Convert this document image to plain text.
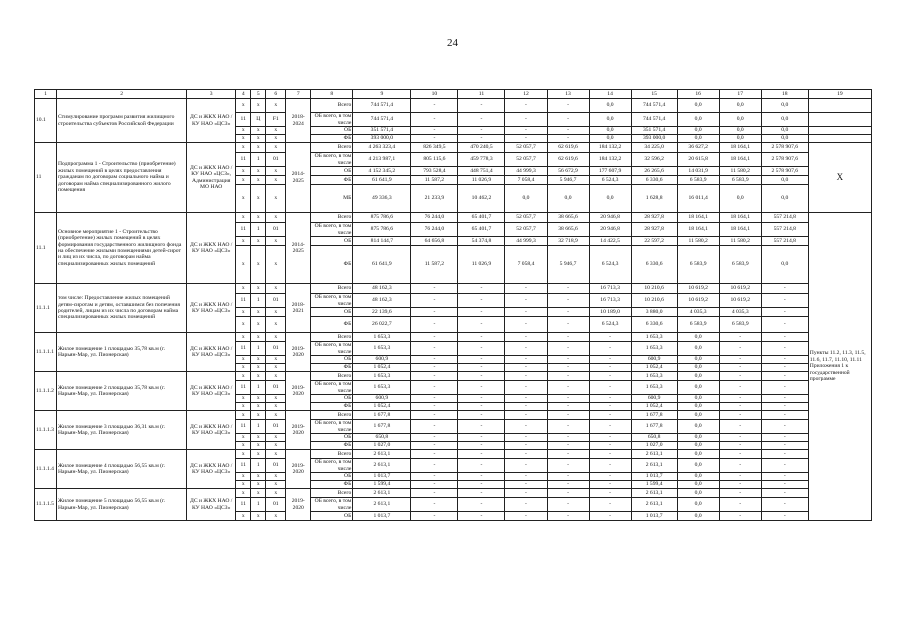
24
1	2	3	4	5	6	7	8	9	10	11	12	13	14	15	16	17	18	19
10.1	Стимулирование программ развития жилищного строительства субъектов Российской Федерации	ДС и ЖКХ НАО / КУ НАО «ЦСЗ»	x	x	x	2018-2024	Всего	744 571,4	-	-	-	-	0,0	744 571,4	0,0	0,0	0,0	
			11	Ц	F1		ОБ всего, в том числе	744 571,4	-	-	-	-	0,0	744 571,4	0,0	0,0	0,0	
			x	x	x		ОБ	351 571,4	-	-	-	-	0,0	351 571,4	0,0	0,0	0,0	
			x	x	x		ФБ	393 000,0	-	-	-	-	0,0	393 000,0	0,0	0,0	0,0	
11	Подпрограмма 1 - Строительство (приобретение) жилых помещений в целях предоставления гражданам по договорам социального найма и договорам найма специализированного жилого помещения	ДС и ЖКХ НАО / КУ НАО «ЦСЗ», Администрация МО НАО	x	x	x	2014-2025	Всего	4 263 323,4	826 349,5	470 240,5	52 057,7	62 619,6	184 132,2	34 225,0	36 627,2	18 164,1	2 578 907,6	X
			11	1	01		ОБ всего, в том числе	4 213 987,1	805 115,6	459 778,3	52 057,7	62 619,6	184 132,2	32 596,2	20 615,8	18 164,1	2 578 907,6	
			x	x	x		ОБ	4 152 345,2	793 528,4	448 751,4	44 999,3	56 672,9	177 607,9	26 265,6	14 031,9	11 580,2	2 578 907,6	
			x	x	x		ФБ	61 641,9	11 587,2	11 026,9	7 058,4	5 946,7	6 524,3	6 330,6	6 583,9	6 583,9	0,0	
			x	x	x		МБ	49 336,3	21 233,9	10 462,2	0,0	0,0	0,0	1 628,8	16 011,4	0,0	0,0	
11.1	Основное мероприятие 1 - Строительство (приобретение) жилых помещений в целях формирования государственного жилищного фонда на обеспечение жилыми помещениями детей-сирот и лиц из их числа, по договорам найма специализированных жилых помещений	ДС и ЖКХ НАО / КУ НАО «ЦСЗ»	x	x	x	2014-2025	Всего	875 786,6	76 244,0	65 401,7	52 057,7	38 665,6	20 946,8	28 927,8	18 164,1	18 164,1	557 214,8	Пункты 11.2, 11.3, 11.5, 11.6, 11.7, 11.10, 11.11 Приложения 1 к государственной программе
			11	1	01		ОБ всего, в том числе	875 786,6	76 244,0	65 401,7	52 057,7	38 665,6	20 946,8	28 927,8	18 164,1	18 164,1	557 214,8	
			x	x	x		ОБ	814 144,7	64 656,8	54 374,8	44 999,3	32 718,9	14 422,5	22 597,2	11 580,2	11 580,2	557 214,8	
			x	x	x		ФБ	61 641,9	11 587,2	11 026,9	7 058,4	5 946,7	6 524,3	6 330,6	6 583,9	6 583,9	0,0	
11.1.1	том числе: Предоставление жилых помещений детям-сиротам и детям, оставшимся без попечения родителей, лицам из их числа по договорам найма специализированных жилых помещений	ДС и ЖКХ НАО / КУ НАО «ЦСЗ»	x	x	x	2018-2021	Всего	48 162,3	-	-	-	-	16 713,3	10 210,6	10 619,2	10 619,2	-	
			11	1	01		ОБ всего, в том числе	48 162,3	-	-	-	-	16 713,3	10 210,6	10 619,2	10 619,2	-	
			x	x	x		ОБ	22 139,6	-	-	-	-	10 189,0	3 880,0	4 035,3	4 035,3	-	
			x	x	x		ФБ	26 022,7	-	-	-	-	6 524,3	6 330,6	6 583,9	6 583,9	-	
11.1.1.1	Жилое помещение 1 площадью 35,78 кв.м (г. Нарьян-Мар, ул. Пионерская)	ДС и ЖКХ НАО / КУ НАО «ЦСЗ»	x	x	x	2019-2020	Всего	1 653,3	-	-	-	-	-	1 653,3	0,0	-	-	
			11	1	01		ОБ всего, в том числе	1 653,3	-	-	-	-	-	1 653,3	0,0	-	-	
			x	x	x		ОБ	600,9	-	-	-	-	-	600,9	0,0	-	-	
			x	x	x		ФБ	1 052,4	-	-	-	-	-	1 052,4	0,0	-	-	
11.1.1.2	Жилое помещение 2 площадью 35,78 кв.м (г. Нарьян-Мар, ул. Пионерская)	ДС и ЖКХ НАО / КУ НАО «ЦСЗ»	x	x	x	2019-2020	Всего	1 653,3	-	-	-	-	-	1 653,3	0,0	-	-	
			11	1	01		ОБ всего, в том числе	1 653,3	-	-	-	-	-	1 653,3	0,0	-	-	
			x	x	x		ОБ	600,9	-	-	-	-	-	600,9	0,0	-	-	
			x	x	x		ФБ	1 052,4	-	-	-	-	-	1 052,4	0,0	-	-	
11.1.1.3	Жилое помещение 3 площадью 36,31 кв.м (г. Нарьян-Мар, ул. Пионерская)	ДС и ЖКХ НАО / КУ НАО «ЦСЗ»	x	x	x	2019-2020	Всего	1 677,8	-	-	-	-	-	1 677,8	0,0	-	-	
			11	1	01		ОБ всего, в том числе	1 677,8	-	-	-	-	-	1 677,8	0,0	-	-	
			x	x	x		ОБ	650,8	-	-	-	-	-	650,8	0,0	-	-	
			x	x	x		ФБ	1 027,0	-	-	-	-	-	1 027,0	0,0	-	-	
11.1.1.4	Жилое помещение 4 площадью 56,55 кв.м (г. Нарьян-Мар, ул. Пионерская)	ДС и ЖКХ НАО / КУ НАО «ЦСЗ»	x	x	x	2019-2020	Всего	2 613,1	-	-	-	-	-	2 613,1	0,0	-	-	
			11	1	01		ОБ всего, в том числе	2 613,1	-	-	-	-	-	2 613,1	0,0	-	-	
			x	x	x		ОБ	1 013,7	-	-	-	-	-	1 013,7	0,0	-	-	
			x	x	x		ФБ	1 599,4	-	-	-	-	-	1 599,4	0,0	-	-	
11.1.1.5	Жилое помещение 5 площадью 56,55 кв.м (г. Нарьян-Мар, ул. Пионерская)	ДС и ЖКХ НАО / КУ НАО «ЦСЗ»	x	x	x	2019-2020	Всего	2 613,1	-	-	-	-	-	2 613,1	0,0	-	-	
			11	1	01		ОБ всего, в том числе	2 613,1	-	-	-	-	-	2 613,1	0,0	-	-	
			x	x	x		ОБ	1 013,7	-	-	-	-	-	1 013,7	0,0	-	-	
